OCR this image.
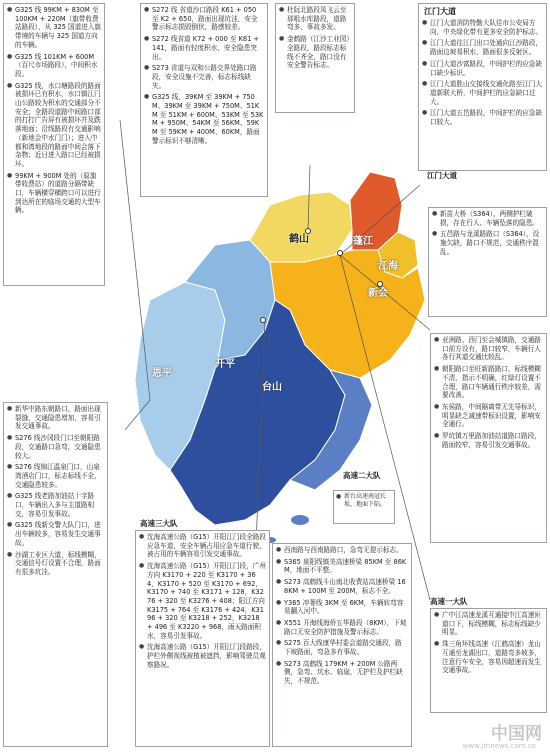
鹤山	蓬江
江海
新会
开平
恩平
台山
江门大道
高速二大队
高速三大队
高速一大队
● 新台高速南冠长坂，地面下陷。
● G325 线 99KM + 830M 至 100KM + 220M（旗带收费站路段），从 325 国道进入旗带境的车辆与 325 国道方向的车辆。
● G325 线 101KM + 600M（百尺市场路段），中间积水段。
● G325 线，水口塘路段的路面被损坏已有积水，水口镇江门山公路较为积水的交通部分不安全；全路段道路中间路口部的打打广告屏有被损坏并及跌落地面；沿线路段有交通影响（新地会中水门门）；进入中都和湾地段的路面中间会落下杂物；近日进入路口已经被损坏。
● 99KM + 900M 处的（原旗带收费站）的道路分隔带缺口，车辆横穿横跨口可以进行到达所在的临场交通的大型车辆。
● S272 线 省道沙口路段 K61 + 050 至 K2 + 650，路面出现坑洼，安全警示标志损毁倒伏，路感较差。
● S272 线省道 K72 + 000 至 K81 + 141，路面有轻度积水，安全隐患突出。
● S273 省道与双和公路交界处路口路段，安全设施不完善，标志标线缺失。
● G325 线，39KM 至 39KM + 750M、39KM 至 39KM + 750M、51KM 至 51KM + 600M、53KM 至 53KM + 950M、54KM 至 56KM、59KM 至 59KM + 400M、60KM，路面警示标识不够清晰。
● 杜阮北路段凤飞云至那咀水库路段，道路弯多、事故多发。
● 金鹤路（江沙工业园）全路段，路段标志标线不齐全，路口没有安全警告标志。
江门大道
● 江门大道消防特勤大队往市公安局方向，中央绿化带有更多安全防护标志。
● 江门大道往江门出口处通向江沙路段，路面边坡易积水，路面很多反射区。
● 江门大道沙富路段，中间护栏的应急缺口缺少标识。
● 江门大道胜山交接线交通化路至江门大道新联大桥，中间护栏的应急缺口过大。
● 江门大道五邑路段，中间护栏的应急缺口较大。
● 新苗大桥（S364），两侧护栏破损，存在行人、车辆坠落的隐患。
● 五邑路与龙溪路路口（S364），设施欠缺，路口不规范，交通秩序混乱。
● 亚洲路、西门至会城镇路，交通路口前方设有，路口较窄，车辆行人各行其道交通比较乱。
● 朝阳路口至旺新路路口，标线模糊不清，指示不明确，红绿灯设置不合理，路口车辆通行秩序较差，需要改善。
● 东侯路，中间隔离带无先导标识，明显缺乏减速带标识设置，影响安全通行。
● 罗坑镇万里路加油站道路口路段，路面较窄，容易引发交通事故。
● 新华中路东朝路口，路面出现裂缝，交通隐患增加，容易引发交通事故。
● S276 线沙冈段门口至朝阳路段，交通路口急弯，交通隐患较大。
● S276 线锦江温泉门口，山泉湾酒店门口，标志标线不全，交通隐患较多。
● G325 线老路加油站十字路口，车辆出入多与主道路相交，容易引发事故。
● G325 线新交警大队门口，进出车辆较多，容易发生交通事故。
● 沙湖工业区大道，标线模糊，交通信号灯设置不合理，路面有很多坑洼。
● 沈海高速公路（G15）开阳江门段全路段应急车道，安全车辆占用应急车道行驶，被占用的车辆容易引发交通事故。
● 沈海高速公路（G15）开阳江门段，广州方向 K3170 + 220 至 K3170 + 364，K3170 + 520 至 K3170 + 692，K3170 + 740 至 K3171 + 128，K3276 + 320 至 K3276 + 408；阳江方向 K3175 + 764 至 K3176 + 424，K3196 + 320 至 K3218 + 252，K3218 + 496 至 K3220 + 968，雨天路面积水，容易引发事故。
● 沈海高速公路（G15）开阳江门段路段，护栏外侧视线被植被遮挡，影响驾驶员观察路况。
● 西南路与西南路路口，急弯无提示标志。
● S365 泉阳线镇美高速桥梁 85KM 至 86KM，地面不平整。
● S273 高鹤线斗山南北收费站高速桥梁 168KM + 100M 至 200M，标志不全。
● Y365 冲蒌线 3KM 至 6KM，车辆转弯容易翻入河中。
● X551 开海线海侨五华路段（8KM），下坡路口无安全防护措施及警示标志。
● S275 百大线康华村委会道路交通段，路下坡路面，弯急多有事故。
● S273 高鹤线 179KM + 200M 公路两侧，急弯、坑水、临崖，无护栏及护栏缺失，不规范。
● 广中江高速龙溪互通接中江高速匝道口下，标线模糊，标志标线缺少明显。
● 珠三角环线高速（江鹤高速）龙山互通至龙湖出口，道路弯多坡多，注意行车安全，容易因超速而发生交通事故。
中国网
www.jmnews.com.cn
